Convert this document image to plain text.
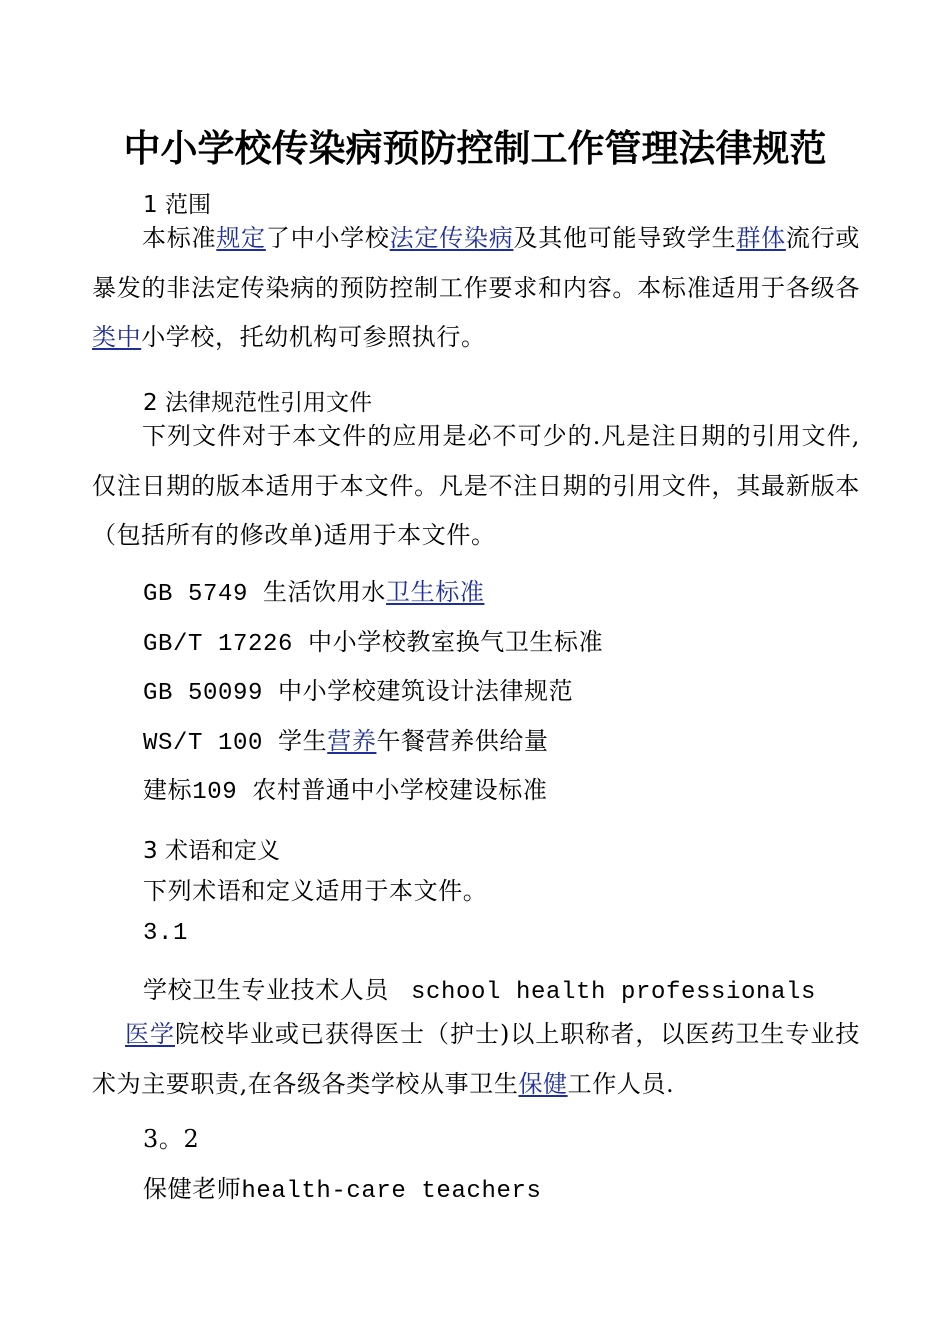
中小学校传染病预防控制工作管理法律规范
1 范围
本标准规定了中小学校法定传染病及其他可能导致学生群体流行或暴发的非法定传染病的预防控制工作要求和内容。本标准适用于各级各类中小学校，托幼机构可参照执行。
2 法律规范性引用文件
下列文件对于本文件的应用是必不可少的.凡是注日期的引用文件,仅注日期的版本适用于本文件。凡是不注日期的引用文件，其最新版本（包括所有的修改单)适用于本文件。
GB 5749 生活饮用水卫生标准
GB/T 17226 中小学校教室换气卫生标准
GB 50099 中小学校建筑设计法律规范
WS/T 100 学生营养午餐营养供给量
建标109 农村普通中小学校建设标准
3 术语和定义
下列术语和定义适用于本文件。
3.1
学校卫生专业技术人员 school health professionals
医学院校毕业或已获得医士（护士)以上职称者，以医药卫生专业技术为主要职责,在各级各类学校从事卫生保健工作人员.
3。2
保健老师health-care teachers
